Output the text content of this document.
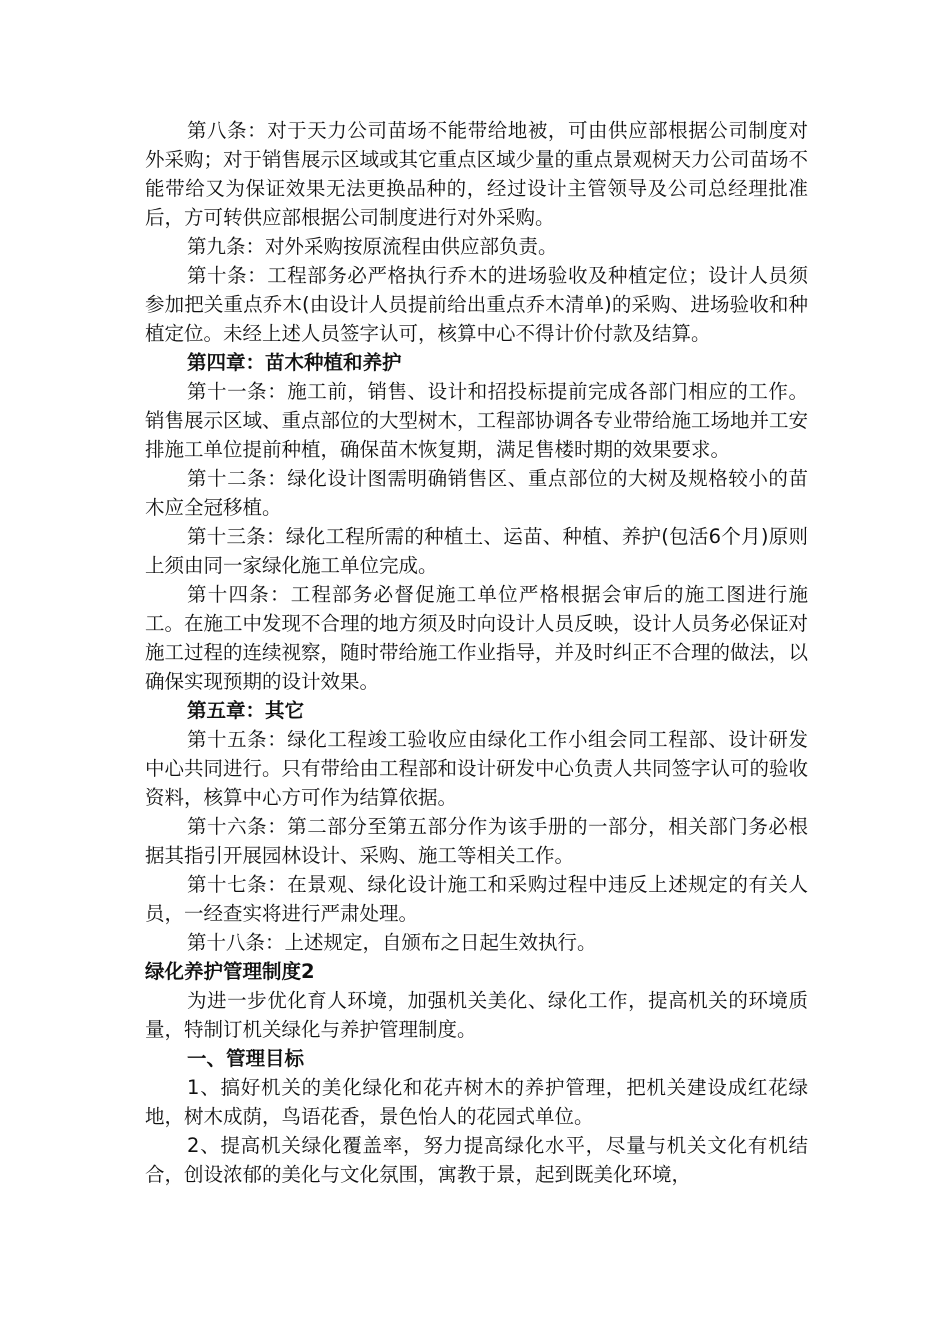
第八条：对于天力公司苗场不能带给地被，可由供应部根据公司制度对外采购；对于销售展示区域或其它重点区域少量的重点景观树天力公司苗场不能带给又为保证效果无法更换品种的，经过设计主管领导及公司总经理批准后，方可转供应部根据公司制度进行对外采购。

第九条：对外采购按原流程由供应部负责。

第十条：工程部务必严格执行乔木的进场验收及种植定位；设计人员须参加把关重点乔木(由设计人员提前给出重点乔木清单)的采购、进场验收和种植定位。未经上述人员签字认可，核算中心不得计价付款及结算。

第四章：苗木种植和养护

第十一条：施工前，销售、设计和招投标提前完成各部门相应的工作。销售展示区域、重点部位的大型树木，工程部协调各专业带给施工场地并工安排施工单位提前种植，确保苗木恢复期，满足售楼时期的效果要求。

第十二条：绿化设计图需明确销售区、重点部位的大树及规格较小的苗木应全冠移植。

第十三条：绿化工程所需的种植土、运苗、种植、养护(包活6个月)原则上须由同一家绿化施工单位完成。

第十四条：工程部务必督促施工单位严格根据会审后的施工图进行施工。在施工中发现不合理的地方须及时向设计人员反映，设计人员务必保证对施工过程的连续视察，随时带给施工作业指导，并及时纠正不合理的做法，以确保实现预期的设计效果。

第五章：其它

第十五条：绿化工程竣工验收应由绿化工作小组会同工程部、设计研发中心共同进行。只有带给由工程部和设计研发中心负责人共同签字认可的验收资料，核算中心方可作为结算依据。

第十六条：第二部分至第五部分作为该手册的一部分，相关部门务必根据其指引开展园林设计、采购、施工等相关工作。

第十七条：在景观、绿化设计施工和采购过程中违反上述规定的有关人员，一经查实将进行严肃处理。

第十八条：上述规定，自颁布之日起生效执行。

绿化养护管理制度2

为进一步优化育人环境，加强机关美化、绿化工作，提高机关的环境质量，特制订机关绿化与养护管理制度。

一、管理目标

1、搞好机关的美化绿化和花卉树木的养护管理，把机关建设成红花绿地，树木成荫，鸟语花香，景色怡人的花园式单位。

2、提高机关绿化覆盖率，努力提高绿化水平，尽量与机关文化有机结合，创设浓郁的美化与文化氛围，寓教于景，起到既美化环境，
